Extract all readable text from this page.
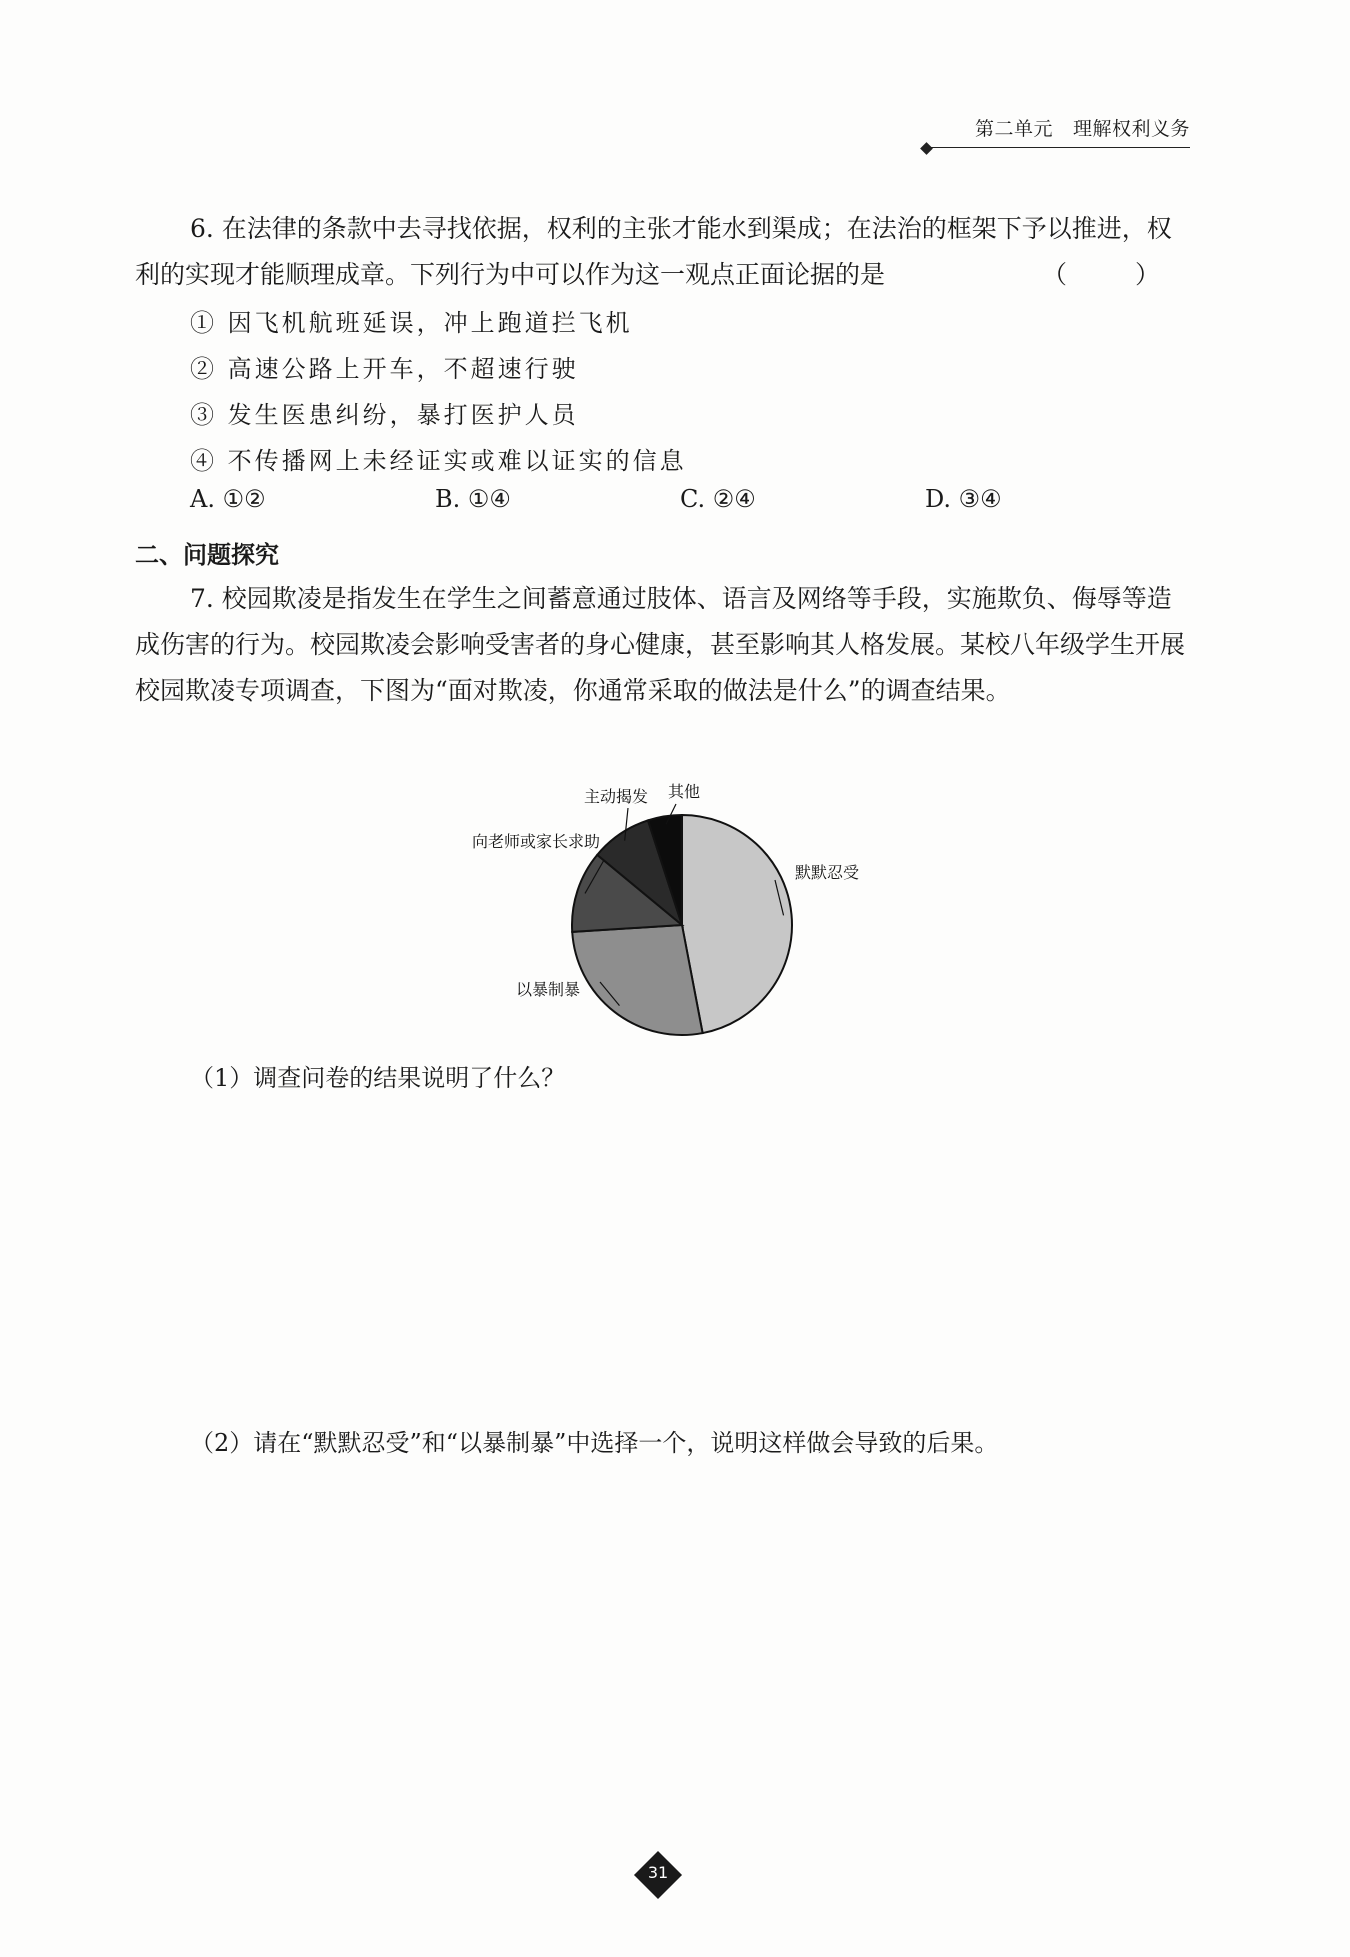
第二单元 理解权利义务

6. 在法律的条款中去寻找依据，权利的主张才能水到渠成；在法治的框架下予以推进，权利的实现才能顺理成章。下列行为中可以作为这一观点正面论据的是	（ ）

① 因飞机航班延误，冲上跑道拦飞机

② 高速公路上开车，不超速行驶

③ 发生医患纠纷，暴打医护人员

④ 不传播网上未经证实或难以证实的信息

A. ①②	B. ①④	C. ②④	D. ③④

二、问题探究

7. 校园欺凌是指发生在学生之间蓄意通过肢体、语言及网络等手段，实施欺负、侮辱等造成伤害的行为。校园欺凌会影响受害者的身心健康，甚至影响其人格发展。某校八年级学生开展校园欺凌专项调查，下图为“面对欺凌，你通常采取的做法是什么”的调查结果。

默默忍受
以暴制暴
向老师或家长求助
主动揭发 其他

（1）调查问卷的结果说明了什么？

（2）请在“默默忍受”和“以暴制暴”中选择一个，说明这样做会导致的后果。

31
